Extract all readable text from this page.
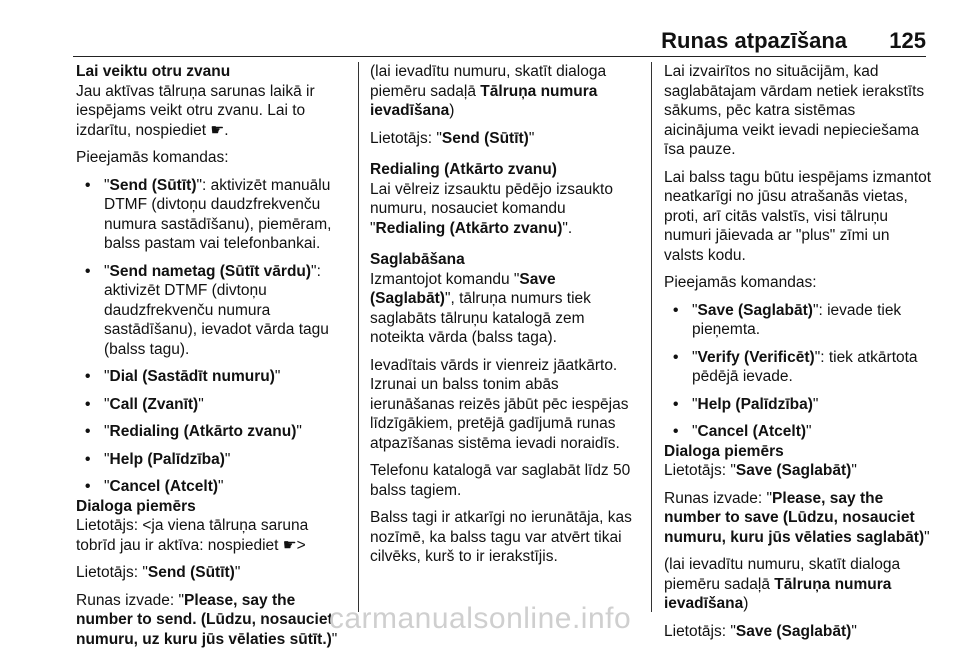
Runas atpazīšana 125
Lai veiktu otru zvanu

Jau aktīvas tālruņa sarunas laikā ir iespējams veikt otru zvanu. Lai to izdarītu, nospiediet ☛.

Pieejamās komandas:

• "Send (Sūtīt)": aktivizēt manuālu DTMF (divtoņu daudzfrekvenču numura sastādīšanu), piemēram, balss pastam vai telefonbankai.
• "Send nametag (Sūtīt vārdu)": aktivizēt DTMF (divtoņu daudzfrekvenču numura sastādīšanu), ievadot vārda tagu (balss tagu).
• "Dial (Sastādīt numuru)"
• "Call (Zvanīt)"
• "Redialing (Atkārto zvanu)"
• "Help (Palīdzība)"
• "Cancel (Atcelt)"
Dialoga piemērs

Lietotājs: <ja viena tālruņa saruna tobrīd jau ir aktīva: nospiediet ☛>

Lietotājs: "Send (Sūtīt)"

Runas izvade: "Please, say the number to send. (Lūdzu, nosauciet numuru, uz kuru jūs vēlaties sūtīt.)"

(lai ievadītu numuru, skatīt dialoga piemēru sadaļā Tālruņa numura ievadīšana)

Lietotājs: "Send (Sūtīt)"

Redialing (Atkārto zvanu)

Lai vēlreiz izsauktu pēdējo izsaukto numuru, nosauciet komandu "Redialing (Atkārto zvanu)".

Saglabāšana

Izmantojot komandu "Save (Saglabāt)", tālruņa numurs tiek saglabāts tālruņu katalogā zem noteikta vārda (balss taga).

Ievadītais vārds ir vienreiz jāatkārto. Izrunai un balss tonim abās ierunāšanas reizēs jābūt pēc iespējas līdzīgākiem, pretējā gadījumā runas atpazīšanas sistēma ievadi noraidīs.

Telefonu katalogā var saglabāt līdz 50 balss tagiem.

Balss tagi ir atkarīgi no ierunātāja, kas nozīmē, ka balss tagu var atvērt tikai cilvēks, kurš to ir ierakstījis.

Lai izvairītos no situācijām, kad saglabātajam vārdam netiek ierakstīts sākums, pēc katra sistēmas aicinājuma veikt ievadi nepieciešama īsa pauze.

Lai balss tagu būtu iespējams izmantot neatkarīgi no jūsu atrašanās vietas, proti, arī citās valstīs, visi tālruņu numuri jāievada ar "plus" zīmi un valsts kodu.

Pieejamās komandas:

• "Save (Saglabāt)": ievade tiek pieņemta.
• "Verify (Verificēt)": tiek atkārtota pēdējā ievade.
• "Help (Palīdzība)"
• "Cancel (Atcelt)"
Dialoga piemērs

Lietotājs: "Save (Saglabāt)"

Runas izvade: "Please, say the number to save (Lūdzu, nosauciet numuru, kuru jūs vēlaties saglabāt)"

(lai ievadītu numuru, skatīt dialoga piemēru sadaļā Tālruņa numura ievadīšana)

Lietotājs: "Save (Saglabāt)"

carmanualsonline.info
